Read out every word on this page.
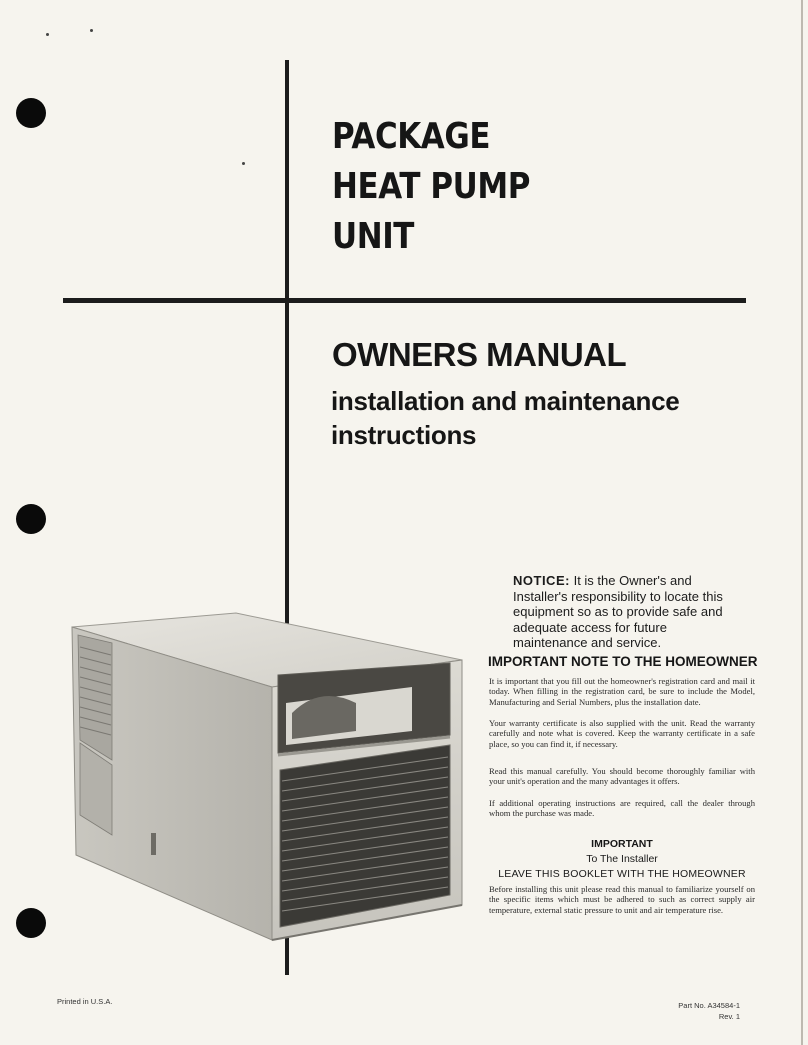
PACKAGE
HEAT PUMP
UNIT
OWNERS MANUAL
installation and maintenance
instructions
NOTICE: It is the Owner's and Installer's responsibility to locate this equipment so as to provide safe and adequate access for future maintenance and service.
IMPORTANT NOTE TO THE HOMEOWNER
It is important that you fill out the homeowner's registration card and mail it today. When filling in the registration card, be sure to include the Model, Manufacturing and Serial Numbers, plus the installation date.
Your warranty certificate is also supplied with the unit. Read the warranty carefully and note what is covered. Keep the warranty certificate in a safe place, so you can find it, if necessary.
Read this manual carefully. You should become thoroughly familiar with your unit's operation and the many advantages it offers.
If additional operating instructions are required, call the dealer through whom the purchase was made.
IMPORTANT
To The Installer
LEAVE THIS BOOKLET WITH THE HOMEOWNER
Before installing this unit please read this manual to familiarize yourself on the specific items which must be adhered to such as correct supply air temperature, external static pressure to unit and air temperature rise.
Printed in U.S.A.	Part No. A34584-1
Rev. 1
